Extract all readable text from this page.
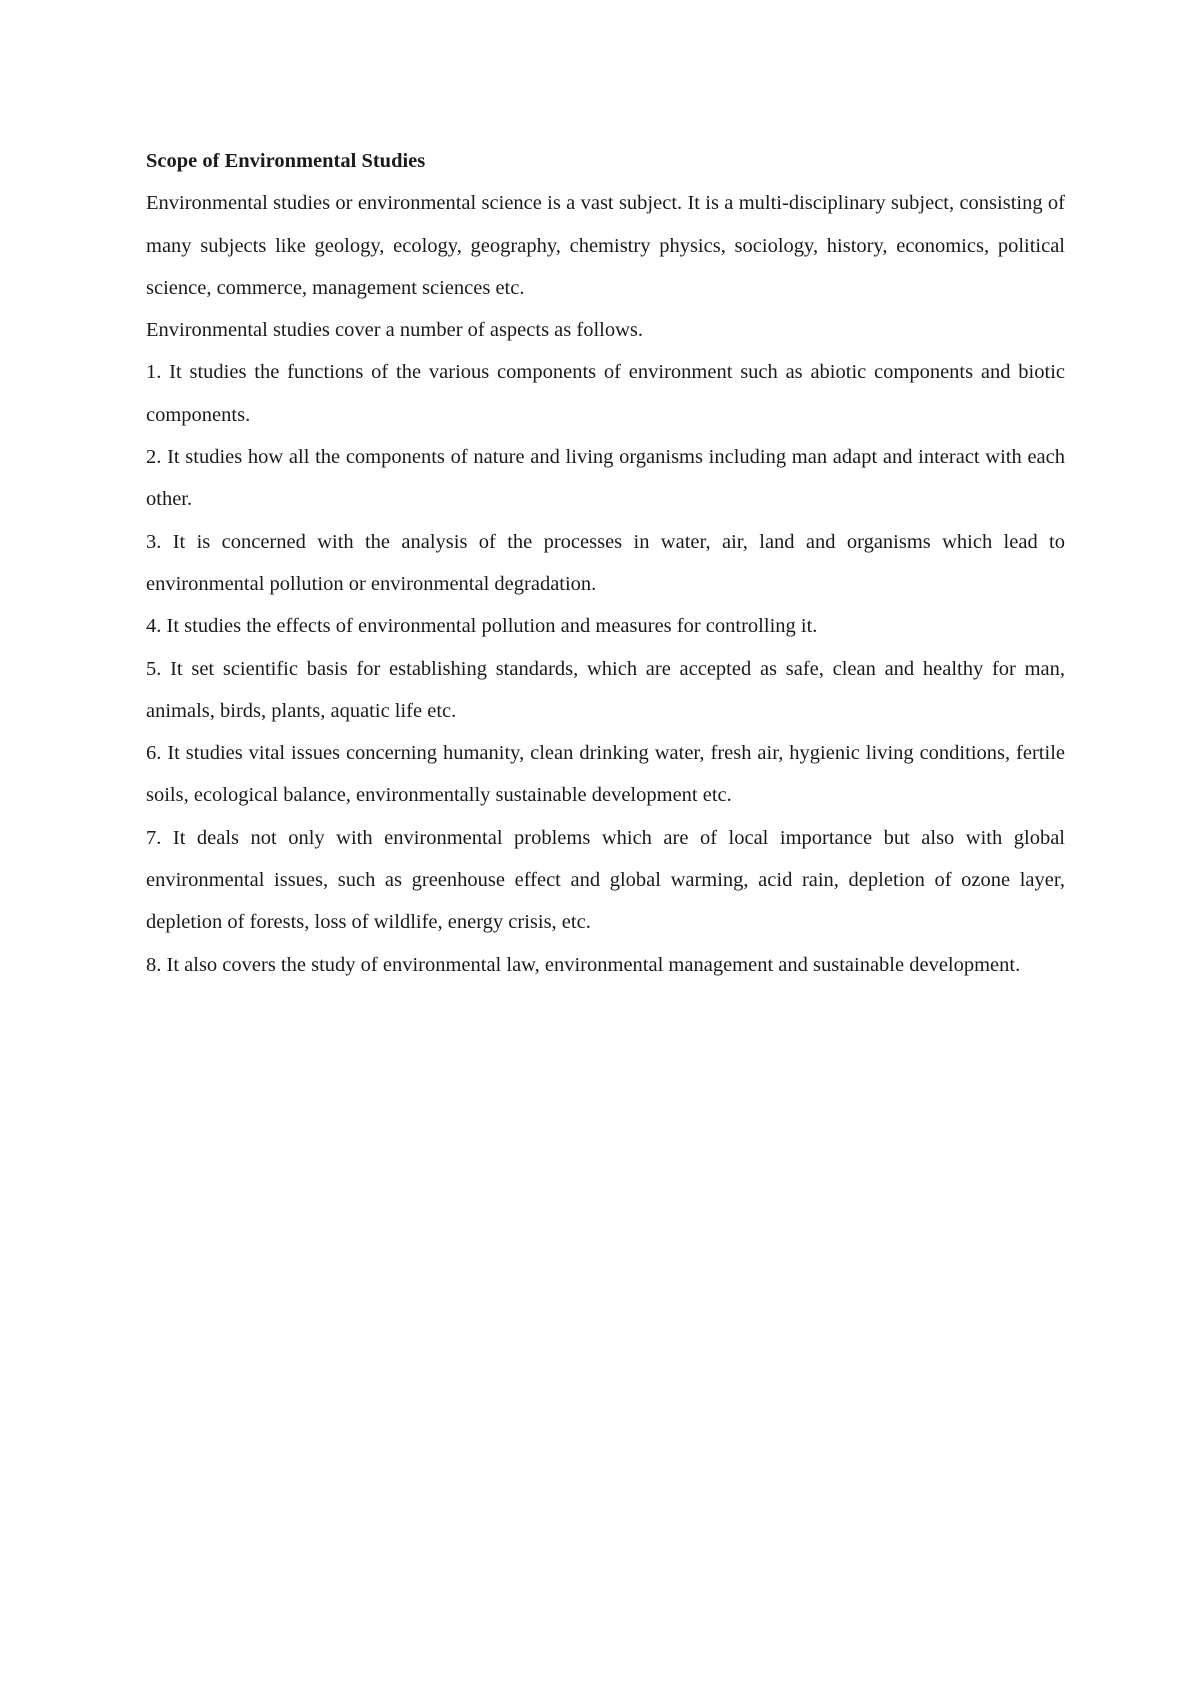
Scope of Environmental Studies

Environmental studies or environmental science is a vast subject. It is a multi-disciplinary subject, consisting of many subjects like geology, ecology, geography, chemistry physics, sociology, history, economics, political science, commerce, management sciences etc.

Environmental studies cover a number of aspects as follows.

1. It studies the functions of the various components of environment such as abiotic components and biotic components.

2. It studies how all the components of nature and living organisms including man adapt and interact with each other.

3. It is concerned with the analysis of the processes in water, air, land and organisms which lead to environmental pollution or environmental degradation.

4. It studies the effects of environmental pollution and measures for controlling it.

5. It set scientific basis for establishing standards, which are accepted as safe, clean and healthy for man, animals, birds, plants, aquatic life etc.

6. It studies vital issues concerning humanity, clean drinking water, fresh air, hygienic living conditions, fertile soils, ecological balance, environmentally sustainable development etc.

7. It deals not only with environmental problems which are of local importance but also with global environmental issues, such as greenhouse effect and global warming, acid rain, depletion of ozone layer, depletion of forests, loss of wildlife, energy crisis, etc.

8. It also covers the study of environmental law, environmental management and sustainable development.
